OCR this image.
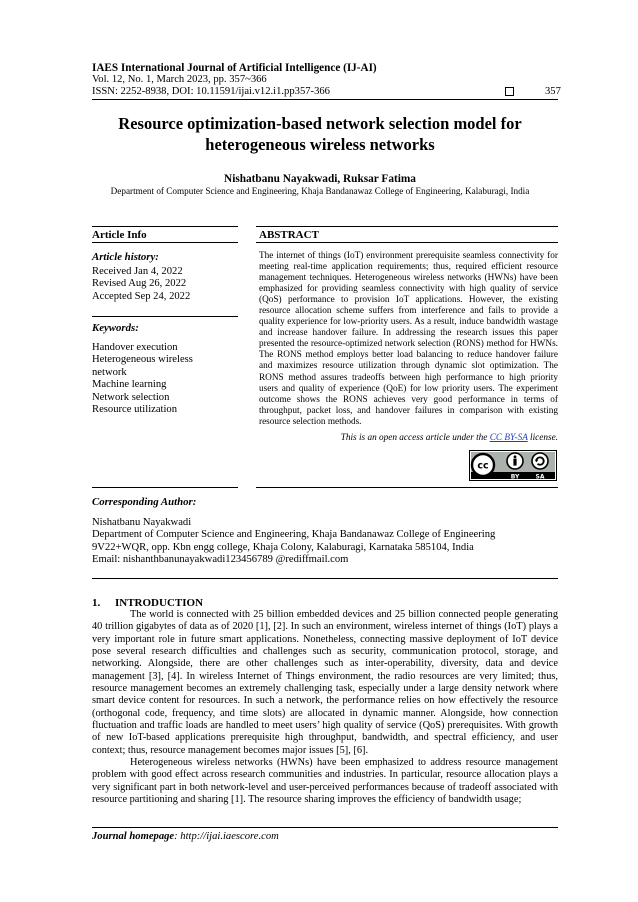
IAES International Journal of Artificial Intelligence (IJ-AI)
Vol. 12, No. 1, March 2023, pp. 357~366
ISSN: 2252-8938, DOI: 10.11591/ijai.v12.i1.pp357-366	357
Resource optimization-based network selection model for
heterogeneous wireless networks
Nishatbanu Nayakwadi, Ruksar Fatima
Department of Computer Science and Engineering, Khaja Bandanawaz College of Engineering, Kalaburagi, India
Article Info
Article history:
Received Jan 4, 2022
Revised Aug 26, 2022
Accepted Sep 24, 2022
Keywords:
Handover execution
Heterogeneous wireless
network
Machine learning
Network selection
Resource utilization
ABSTRACT
The internet of things (IoT) environment prerequisite seamless connectivity for meeting real-time application requirements; thus, required efficient resource management techniques. Heterogeneous wireless networks (HWNs) have been emphasized for providing seamless connectivity with high quality of service (QoS) performance to provision IoT applications. However, the existing resource allocation scheme suffers from interference and fails to provide a quality experience for low-priority users. As a result, induce bandwidth wastage and increase handover failure. In addressing the research issues this paper presented the resource-optimized network selection (RONS) method for HWNs. The RONS method employs better load balancing to reduce handover failure and maximizes resource utilization through dynamic slot optimization. The RONS method assures tradeoffs between high performance to high priority users and quality of experience (QoE) for low priority users. The experiment outcome shows the RONS achieves very good performance in terms of throughput, packet loss, and handover failures in comparison with existing resource selection methods.
This is an open access article under the CC BY-SA license.
cc
BY	SA
Corresponding Author:
Nishatbanu Nayakwadi
Department of Computer Science and Engineering, Khaja Bandanawaz College of Engineering
9V22+WQR, opp. Kbn engg college, Khaja Colony, Kalaburagi, Karnataka 585104, India
Email: nishanthbanunayakwadi123456789 @rediffmail.com
1. INTRODUCTION

The world is connected with 25 billion embedded devices and 25 billion connected people generating 40 trillion gigabytes of data as of 2020 [1], [2]. In such an environment, wireless internet of things (IoT) plays a very important role in future smart applications. Nonetheless, connecting massive deployment of IoT device pose several research difficulties and challenges such as security, communication protocol, storage, and networking. Alongside, there are other challenges such as inter-operability, diversity, data and device management [3], [4]. In wireless Internet of Things environment, the radio resources are very limited; thus, resource management becomes an extremely challenging task, especially under a large density network where smart device content for resources. In such a network, the performance relies on how effectively the resource (orthogonal code, frequency, and time slots) are allocated in dynamic manner. Alongside, how connection fluctuation and traffic loads are handled to meet users’ high quality of service (QoS) prerequisites. With growth of new IoT-based applications prerequisite high throughput, bandwidth, and spectral efficiency, and user context; thus, resource management becomes major issues [5], [6].

Heterogeneous wireless networks (HWNs) have been emphasized to address resource management problem with good effect across research communities and industries. In particular, resource allocation plays a very significant part in both network-level and user-perceived performances because of tradeoff associated with resource partitioning and sharing [1]. The resource sharing improves the efficiency of bandwidth usage;

Journal homepage: http://ijai.iaescore.com
